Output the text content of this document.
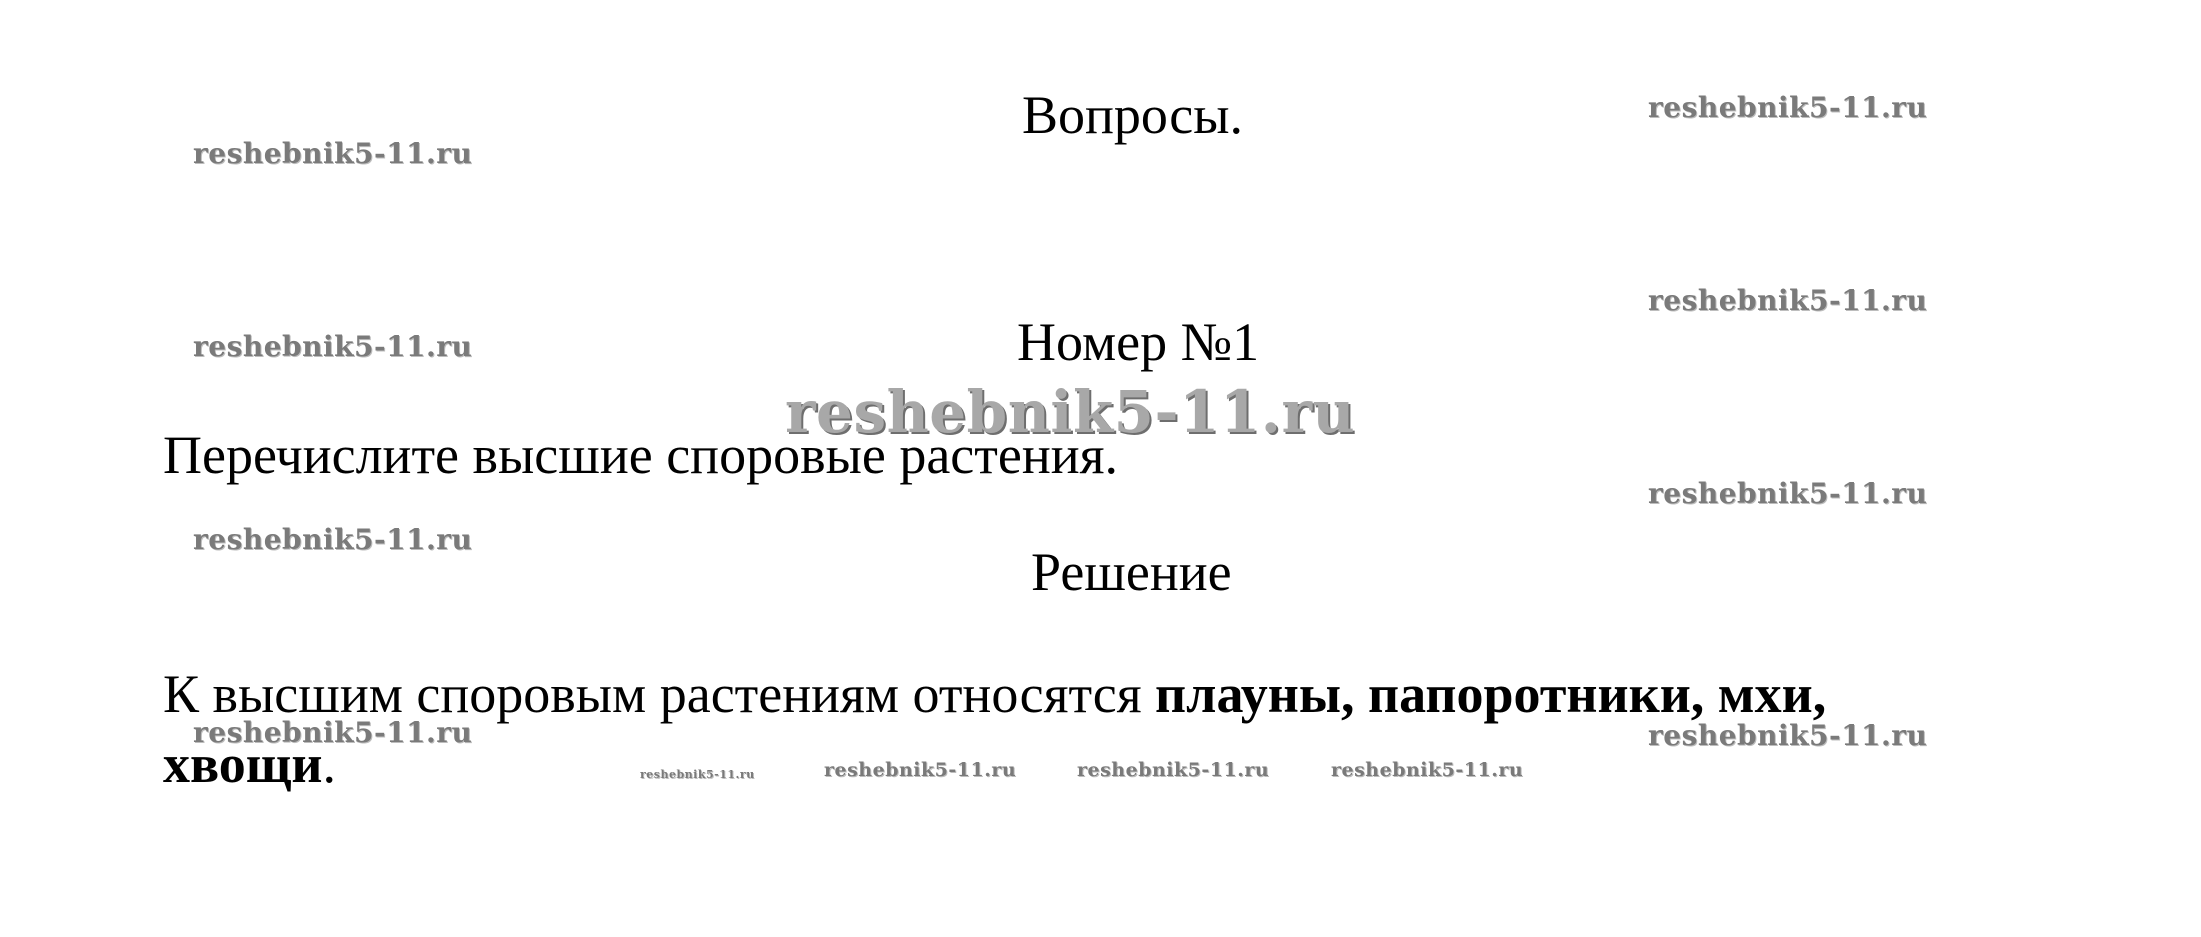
Вопросы.
Номер №1
Перечислите высшие споровые растения.
Решение
К высшим споровым растениям относятся плауны, папоротники, мхи,
хвощи.
reshebnik5-11.ru
reshebnik5-11.ru
reshebnik5-11.ru
reshebnik5-11.ru
reshebnik5-11.ru
reshebnik5-11.ru
reshebnik5-11.ru
reshebnik5-11.ru	reshebnik5-11.ru
reshebnik5-11.ru	reshebnik5-11.ru	reshebnik5-11.ru	reshebnik5-11.ru
